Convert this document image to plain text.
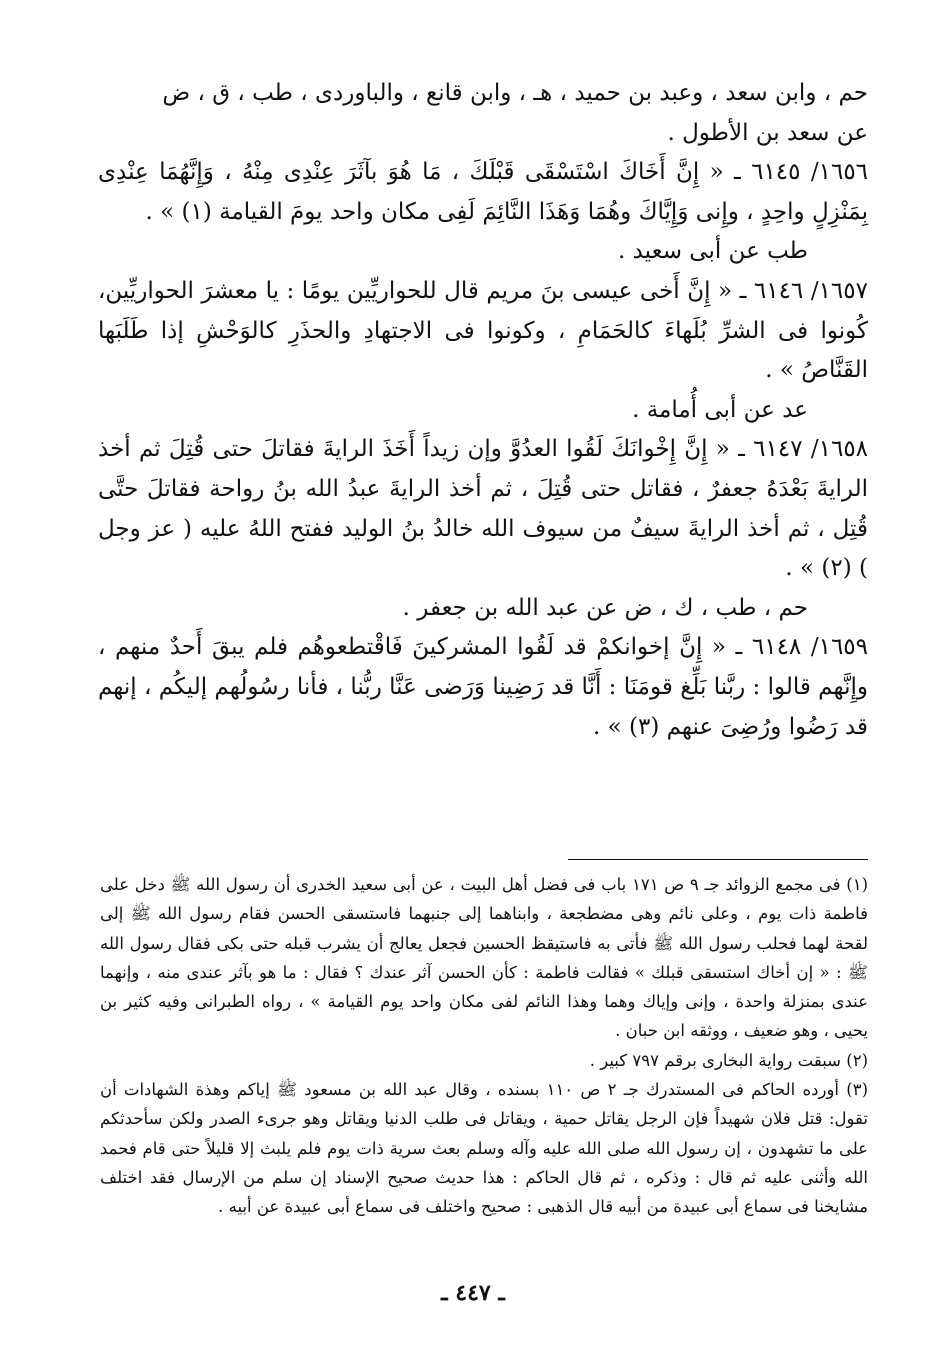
حم ، وابن سعد ، وعبد بن حميد ، هـ ، وابن قانع ، والباوردى ، طب ، ق ، ض

عن سعد بن الأطول .

١٦٥٦/ ٦١٤٥ ـ « إِنَّ أَخَاكَ اسْتَسْقَى قَبْلَكَ ، مَا هُوَ بآثَرَ عِنْدِى مِنْهُ ، وَإِنَّهُمَا عِنْدِى بِمَنْزِلٍ واحِدٍ ، وإِنى وَإِيَّاكَ وهُمَا وَهَذَا النَّائِمَ لَفِى مكان واحد يومَ القيامة (١) » .

طب عن أبى سعيد .

١٦٥٧/ ٦١٤٦ ـ « إِنَّ أَخى عيسى بنَ مريم قال للحواريِّين يومًا : يا معشرَ الحواريِّين، كُونوا فى الشرِّ بُلَهاءَ كالحَمَامِ ، وكونوا فى الاجتهادِ والحذَرِ كالوَحْشِ إذا طَلَبَها القَنَّاصُ » .

عد عن أبى أُمامة .

١٦٥٨/ ٦١٤٧ ـ « إِنَّ إِخْوانَكَ لَقُوا العدُوَّ وإن زيداً أَخَذَ الرايةَ فقاتلَ حتى قُتِلَ ثم أخذ الرايةَ بَعْدَهُ جعفرٌ ، فقاتل حتى قُتِلَ ، ثم أخذ الرايةَ عبدُ الله بنُ رواحة فقاتلَ حتَّى قُتِل ، ثم أخذ الرايةَ سيفٌ من سيوف الله خالدُ بنُ الوليد ففتح اللهُ عليه ( عز وجل ) (٢) » .

حم ، طب ، ك ، ض عن عبد الله بن جعفر .

١٦٥٩/ ٦١٤٨ ـ « إِنَّ إخوانكمْ قد لَقُوا المشركينَ فَاقْتطعوهُم فلم يبقَ أَحدٌ منهم ، وإِنَّهم قالوا : ربَّنا بَلِّغ قومَنَا : أَنَّا قد رَضِينا وَرَضى عَنَّا ربُّنا ، فأنا رسُولُهم إليكُم ، إنهم قد رَضُوا ورُضِىَ عنهم (٣) » .

(١) فى مجمع الزوائد جـ ٩ ص ١٧١ باب فى فضل أهل البيت ، عن أبى سعيد الخدرى أن رسول الله ﷺ دخل على فاطمة ذات يوم ، وعلى نائم وهى مضطجعة ، وابناهما إلى جنبهما فاستسقى الحسن فقام رسول الله ﷺ إلى لقحة لهما فحلب رسول الله ﷺ فأتى به فاستيقظ الحسين فجعل يعالج أن يشرب قبله حتى بكى فقال رسول الله ﷺ : « إن أخاك استسقى قبلك » فقالت فاطمة : كأن الحسن آثر عندك ؟ فقال : ما هو بآثر عندى منه ، وإنهما عندى بمنزلة واحدة ، وإنى وإياك وهما وهذا النائم لفى مكان واحد يوم القيامة » ، رواه الطبرانى وفيه كثير بن يحيى ، وهو ضعيف ، ووثقه ابن حبان .

(٢) سبقت رواية البخارى برقم ٧٩٧ كبير .

(٣) أورده الحاكم فى المستدرك جـ ٢ ص ١١٠ بسنده ، وقال عبد الله بن مسعود ﷺ إياكم وهذة الشهادات أن تقول: قتل فلان شهيداً فإن الرجل يقاتل حمية ، ويقاتل فى طلب الدنيا ويقاتل وهو جرىء الصدر ولكن سأحدثكم على ما تشهدون ، إن رسول الله صلى الله عليه وآله وسلم بعث سرية ذات يوم فلم يلبث إلا قليلاً حتى قام فحمد الله وأثنى عليه ثم قال : وذكره ، ثم قال الحاكم : هذا حديث صحيح الإسناد إن سلم من الإرسال فقد اختلف مشايخنا فى سماع أبى عبيدة من أبيه قال الذهبى : صحيح واختلف فى سماع أبى عبيدة عن أبيه .

ـ ٤٤٧ ـ
